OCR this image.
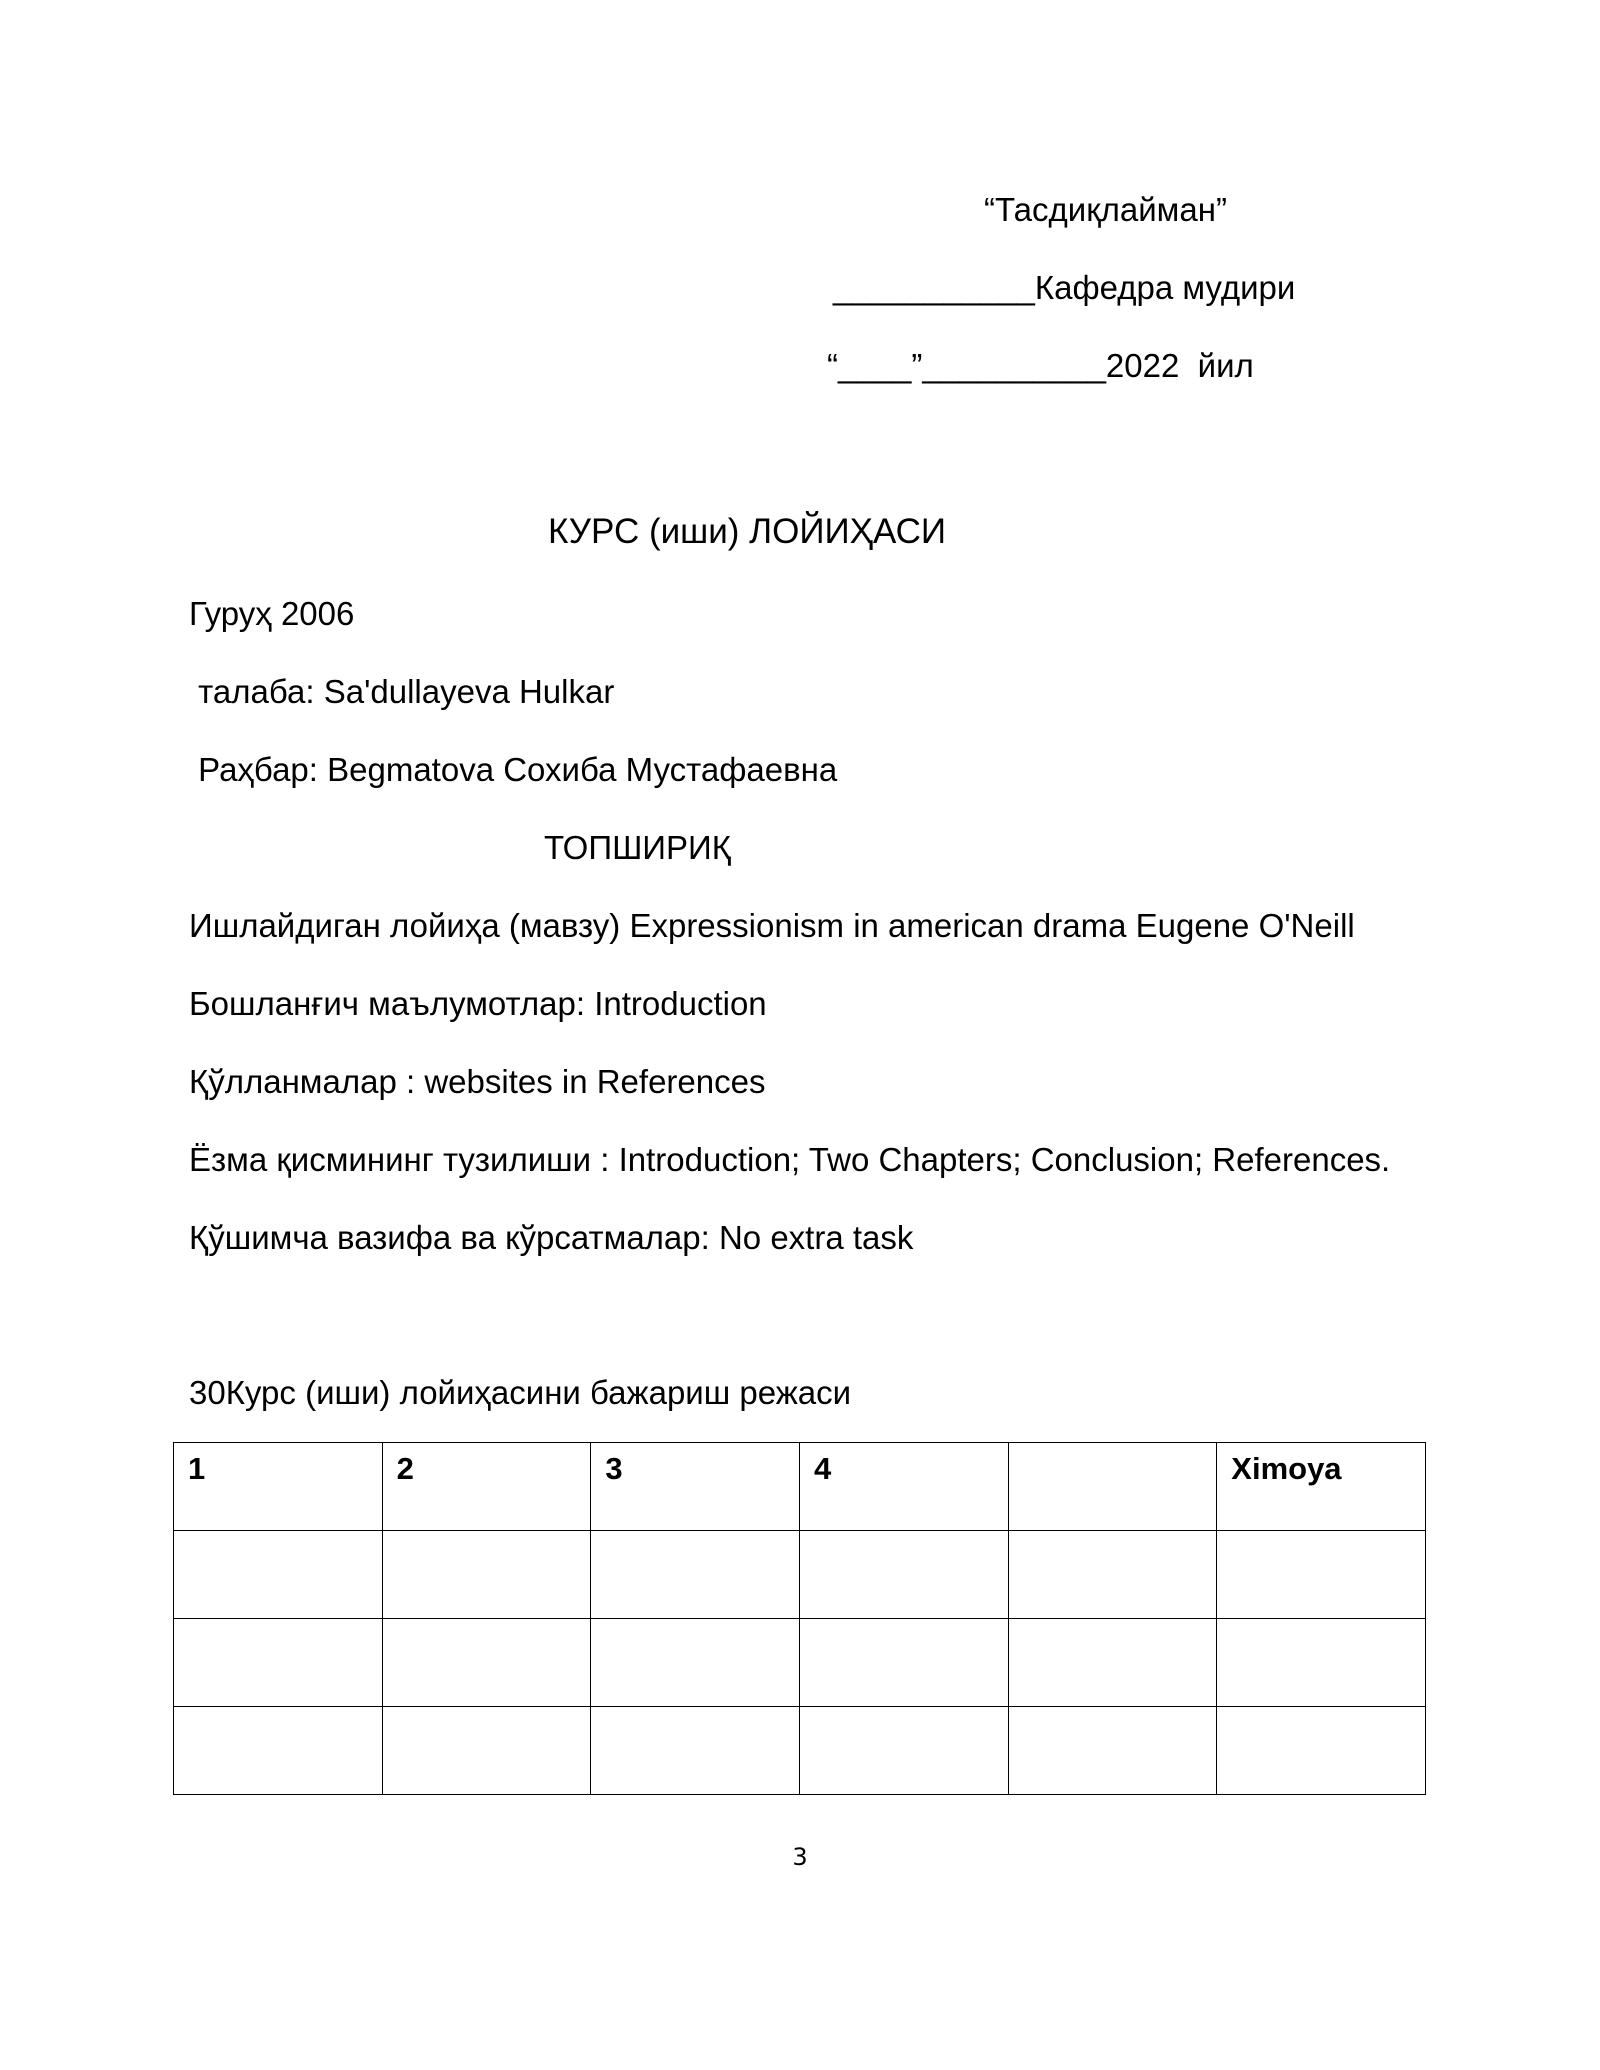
“Тасдиқлайман”
___________Кафедра мудири
“____”__________2022  йил
КУРС (иши) ЛОЙИҲАСИ
Гуруҳ 2006
талаба: Sa'dullayeva Hulkar
Раҳбар: Begmatova Сохиба Мустафаевна
ТОПШИРИҚ
Ишлайдиган лойиҳа (мавзу) Expressionism in american drama Eugene O'Neill
Бошланғич маълумотлар: Introduction
Қўлланмалар : websites in References
Ёзма қисмининг тузилиши : Introduction; Two Chapters; Conclusion; References.
Қўшимча вазифа ва кўрсатмалар: No extra task
30Курс (иши) лойиҳасини бажариш режаси
1	2	3	4		Ximoya

3
